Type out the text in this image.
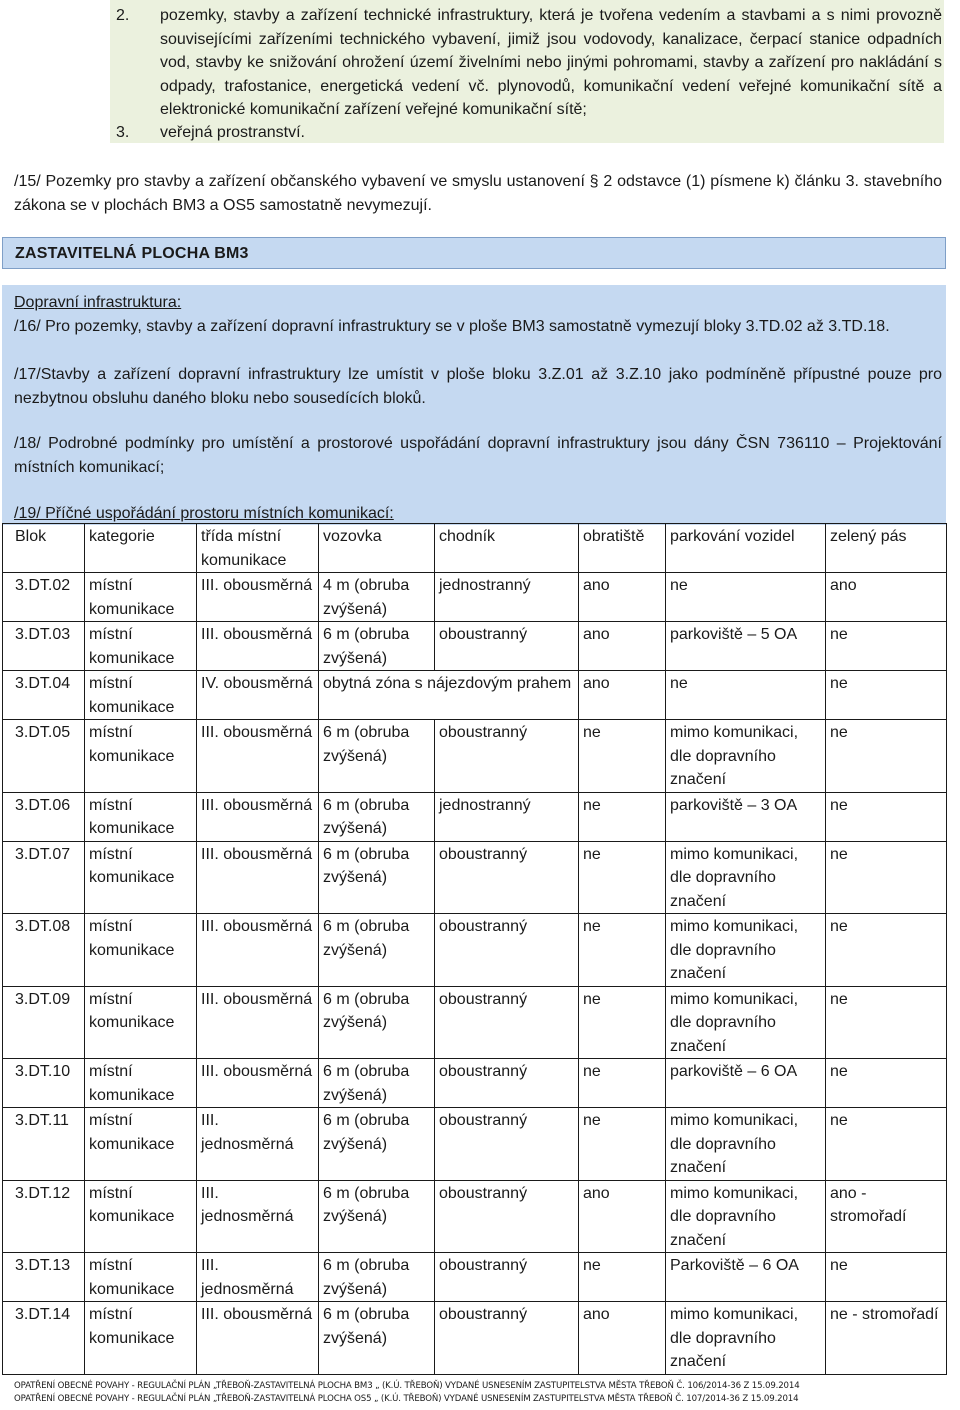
2. pozemky, stavby a zařízení technické infrastruktury, která je tvořena vedením a stavbami a s nimi provozně souvisejícími zařízeními technického vybavení, jimiž jsou vodovody, kanalizace, čerpací stanice odpadních vod, stavby ke snižování ohrožení území živelními nebo jinými pohromami, stavby a zařízení pro nakládání s odpady, trafostanice, energetická vedení vč. plynovodů, komunikační vedení veřejné komunikační sítě a elektronické komunikační zařízení veřejné komunikační sítě;
3. veřejná prostranství.
/15/ Pozemky pro stavby a zařízení občanského vybavení ve smyslu ustanovení § 2 odstavce (1) písmene k) článku 3. stavebního zákona se v plochách BM3 a OS5 samostatně nevymezují.
ZASTAVITELNÁ PLOCHA BM3
Dopravní infrastruktura:
/16/ Pro pozemky, stavby a zařízení dopravní infrastruktury se v ploše BM3 samostatně vymezují bloky 3.TD.02 až 3.TD.18.
/17/Stavby a zařízení dopravní infrastruktury lze umístit v ploše bloku 3.Z.01 až 3.Z.10 jako podmíněně přípustné pouze pro nezbytnou obsluhu daného bloku nebo sousedících bloků.
/18/ Podrobné podmínky pro umístění a prostorové uspořádání dopravní infrastruktury jsou dány ČSN 736110 – Projektování místních komunikací;
/19/ Příčné uspořádání prostoru místních komunikací:
Blok	kategorie	třída místní komunikace	vozovka	chodník	obratiště	parkování vozidel	zelený pás
3.DT.02	místní komunikace	III. obousměrná	4 m (obruba zvýšená)	jednostranný	ano	ne	ano
3.DT.03	místní komunikace	III. obousměrná	6 m (obruba zvýšená)	oboustranný	ano	parkoviště – 5 OA	ne
3.DT.04	místní komunikace	IV. obousměrná	obytná zóna s nájezdovým prahem		ano	ne	ne
3.DT.05	místní komunikace	III. obousměrná	6 m (obruba zvýšená)	oboustranný	ne	mimo komunikaci, dle dopravního značení	ne
3.DT.06	místní komunikace	III. obousměrná	6 m (obruba zvýšená)	jednostranný	ne	parkoviště – 3 OA	ne
3.DT.07	místní komunikace	III. obousměrná	6 m (obruba zvýšená)	oboustranný	ne	mimo komunikaci, dle dopravního značení	ne
3.DT.08	místní komunikace	III. obousměrná	6 m (obruba zvýšená)	oboustranný	ne	mimo komunikaci, dle dopravního značení	ne
3.DT.09	místní komunikace	III. obousměrná	6 m (obruba zvýšená)	oboustranný	ne	mimo komunikaci, dle dopravního značení	ne
3.DT.10	místní komunikace	III. obousměrná	6 m (obruba zvýšená)	oboustranný	ne	parkoviště – 6 OA	ne
3.DT.11	místní komunikace	III. jednosměrná	6 m (obruba zvýšená)	oboustranný	ne	mimo komunikaci, dle dopravního značení	ne
3.DT.12	místní komunikace	III. jednosměrná	6 m (obruba zvýšená)	oboustranný	ano	mimo komunikaci, dle dopravního značení	ano - stromořadí
3.DT.13	místní komunikace	III. jednosměrná	6 m (obruba zvýšená)	oboustranný	ne	Parkoviště – 6 OA	ne
3.DT.14	místní komunikace	III. obousměrná	6 m (obruba zvýšená)	oboustranný	ano	mimo komunikaci, dle dopravního značení	ne - stromořadí
OPATŘENÍ OBECNÉ POVAHY - REGULAČNÍ PLÁN „TŘEBOŇ-ZASTAVITELNÁ PLOCHA BM3 „ (K.Ú. TŘEBOŇ) VYDANÉ USNESENÍM ZASTUPITELSTVA MĚSTA TŘEBOŇ Č. 106/2014-36 Z 15.09.2014
OPATŘENÍ OBECNÉ POVAHY - REGULAČNÍ PLÁN „TŘEBOŇ-ZASTAVITELNÁ PLOCHA OS5 „ (K.Ú. TŘEBOŇ) VYDANÉ USNESENÍM ZASTUPITELSTVA MĚSTA TŘEBOŇ Č. 107/2014-36 Z 15.09.2014
